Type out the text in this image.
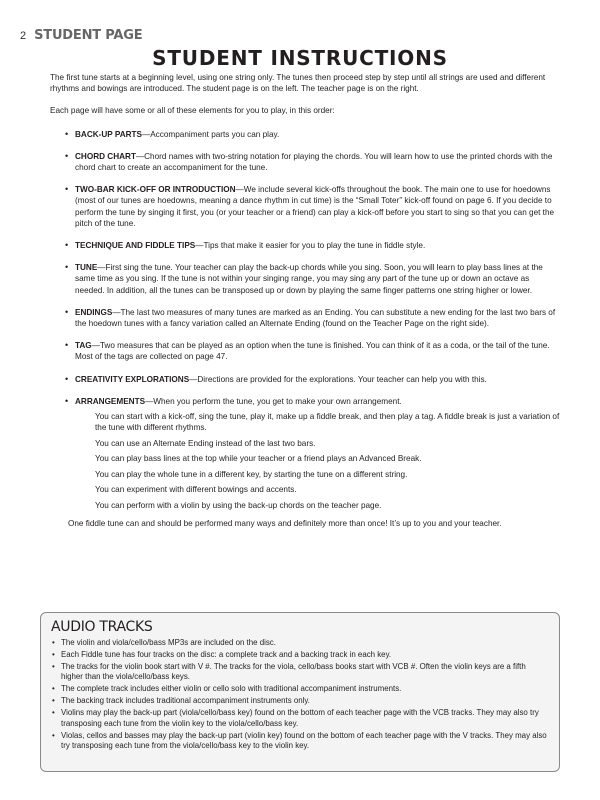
2 STUDENT PAGE
STUDENT INSTRUCTIONS

The first tune starts at a beginning level, using one string only. The tunes then proceed step by step until all strings are used and different rhythms and bowings are introduced. The student page is on the left. The teacher page is on the right.

Each page will have some or all of these elements for you to play, in this order:

• BACK-UP PARTS—Accompaniment parts you can play.
• CHORD CHART—Chord names with two-string notation for playing the chords. You will learn how to use the printed chords with the chord chart to create an accompaniment for the tune.
• TWO-BAR KICK-OFF OR INTRODUCTION—We include several kick-offs throughout the book. The main one to use for hoedowns (most of our tunes are hoedowns, meaning a dance rhythm in cut time) is the “Small Toter” kick-off found on page 6. If you decide to perform the tune by singing it first, you (or your teacher or a friend) can play a kick-off before you start to sing so that you can get the pitch of the tune.
• TECHNIQUE AND FIDDLE TIPS—Tips that make it easier for you to play the tune in fiddle style.
• TUNE—First sing the tune. Your teacher can play the back-up chords while you sing. Soon, you will learn to play bass lines at the same time as you sing. If the tune is not within your singing range, you may sing any part of the tune up or down an octave as needed. In addition, all the tunes can be transposed up or down by playing the same finger patterns one string higher or lower.
• ENDINGS—The last two measures of many tunes are marked as an Ending. You can substitute a new ending for the last two bars of the hoedown tunes with a fancy variation called an Alternate Ending (found on the Teacher Page on the right side).
• TAG—Two measures that can be played as an option when the tune is finished. You can think of it as a coda, or the tail of the tune. Most of the tags are collected on page 47.
• CREATIVITY EXPLORATIONS—Directions are provided for the explorations. Your teacher can help you with this.
• ARRANGEMENTS—When you perform the tune, you get to make your own arrangement.
You can start with a kick-off, sing the tune, play it, make up a fiddle break, and then play a tag. A fiddle break is just a variation of the tune with different rhythms.
You can use an Alternate Ending instead of the last two bars.
You can play bass lines at the top while your teacher or a friend plays an Advanced Break.
You can play the whole tune in a different key, by starting the tune on a different string.
You can experiment with different bowings and accents.
You can perform with a violin by using the back-up chords on the teacher page.

One fiddle tune can and should be performed many ways and definitely more than once! It’s up to you and your teacher.

AUDIO TRACKS
• The violin and viola/cello/bass MP3s are included on the disc.
• Each Fiddle tune has four tracks on the disc: a complete track and a backing track in each key.
• The tracks for the violin book start with V #. The tracks for the viola, cello/bass books start with VCB #. Often the violin keys are a fifth higher than the viola/cello/bass keys.
• The complete track includes either violin or cello solo with traditional accompaniment instruments.
• The backing track includes traditional accompaniment instruments only.
• Violins may play the back-up part (viola/cello/bass key) found on the bottom of each teacher page with the VCB tracks. They may also try transposing each tune from the violin key to the viola/cello/bass key.
• Violas, cellos and basses may play the back-up part (violin key) found on the bottom of each teacher page with the V tracks. They may also try transposing each tune from the viola/cello/bass key to the violin key.
